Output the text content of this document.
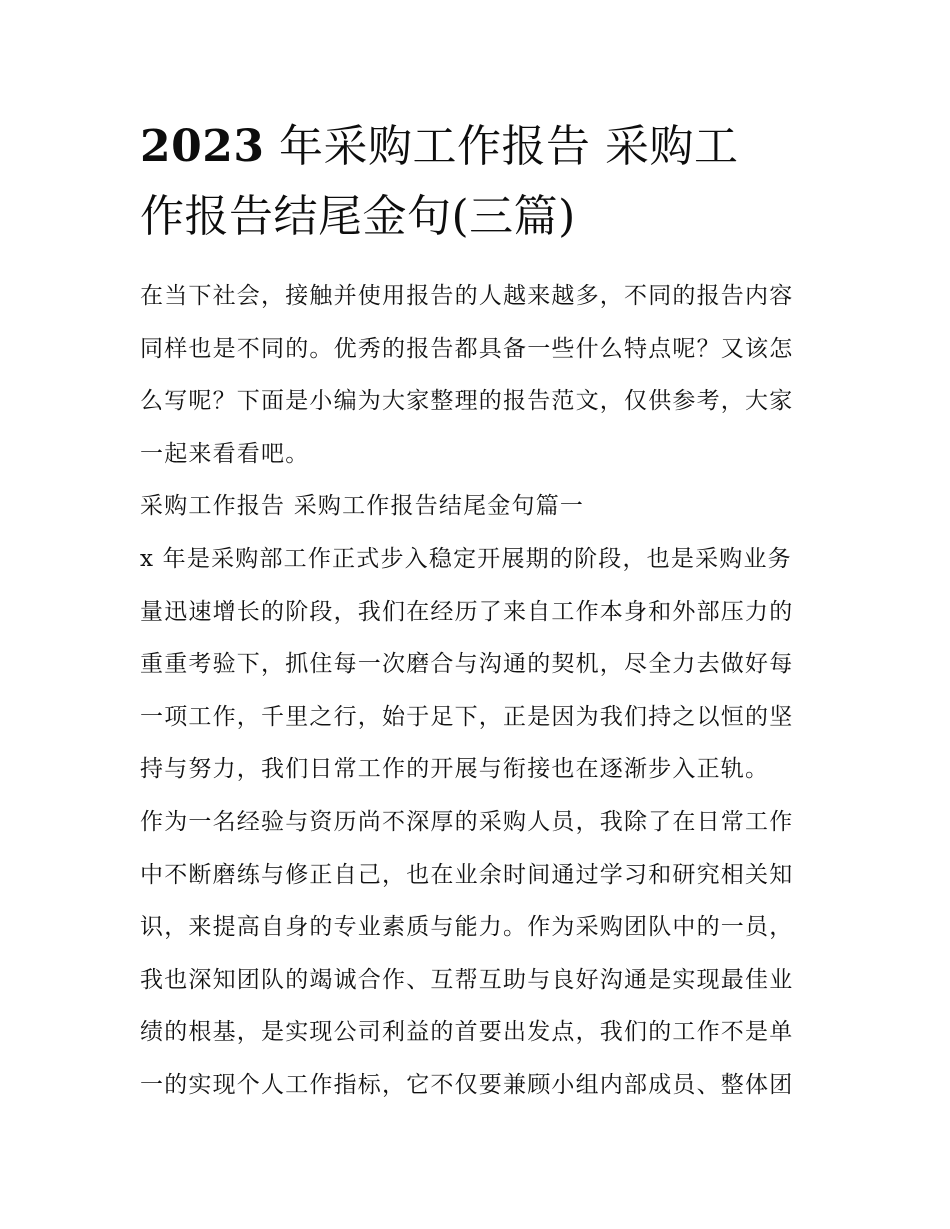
2023 年采购工作报告 采购工
作报告结尾金句(三篇)

在当下社会，接触并使用报告的人越来越多，不同的报告内容
同样也是不同的。优秀的报告都具备一些什么特点呢？又该怎
么写呢？下面是小编为大家整理的报告范文，仅供参考，大家
一起来看看吧。

采购工作报告 采购工作报告结尾金句篇一

x 年是采购部工作正式步入稳定开展期的阶段，也是采购业务
量迅速增长的阶段，我们在经历了来自工作本身和外部压力的
重重考验下，抓住每一次磨合与沟通的契机，尽全力去做好每
一项工作，千里之行，始于足下，正是因为我们持之以恒的坚
持与努力，我们日常工作的开展与衔接也在逐渐步入正轨。

作为一名经验与资历尚不深厚的采购人员，我除了在日常工作
中不断磨练与修正自己，也在业余时间通过学习和研究相关知
识，来提高自身的专业素质与能力。作为采购团队中的一员，
我也深知团队的竭诚合作、互帮互助与良好沟通是实现最佳业
绩的根基，是实现公司利益的首要出发点，我们的工作不是单
一的实现个人工作指标，它不仅要兼顾小组内部成员、整体团
